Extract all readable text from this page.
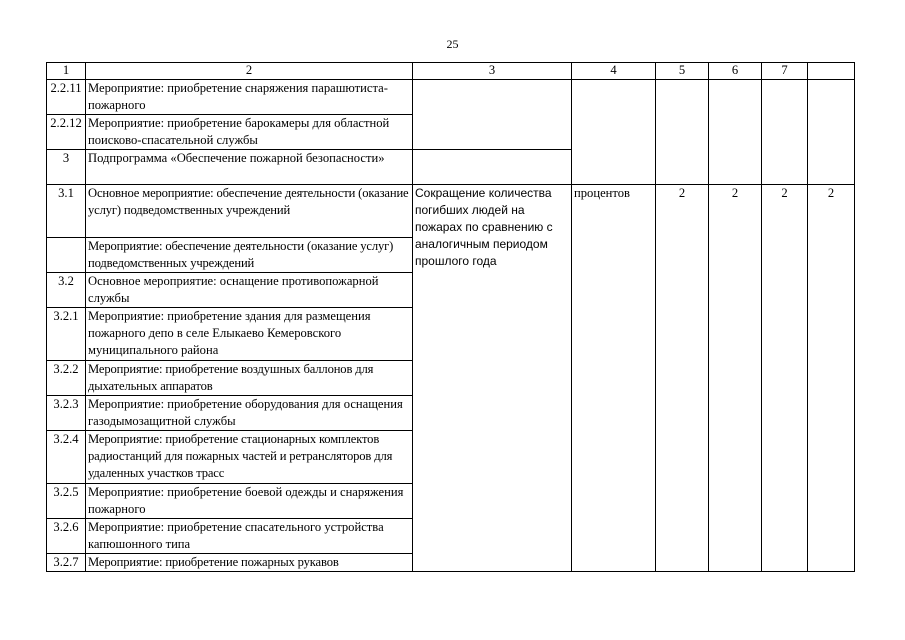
25
1	2	3	4	5	6	7	
2.2.11	Мероприятие: приобретение снаряжения парашютиста-пожарного						
2.2.12	Мероприятие: приобретение барокамеры для областной поисково-спасательной службы						
3	Подпрограмма «Обеспечение пожарной безопасности»						
3.1	Основное мероприятие: обеспечение деятельности (оказание услуг) подведомственных учреждений	Сокращение количества погибших людей на пожарах по сравнению с аналогичным периодом прошлого года	процентов	2	2	2	2
	Мероприятие: обеспечение деятельности (оказание услуг) подведомственных учреждений						
3.2	Основное мероприятие: оснащение противопожарной службы						
3.2.1	Мероприятие: приобретение здания для размещения пожарного депо в селе Елыкаево Кемеровского муниципального района						
3.2.2	Мероприятие: приобретение воздушных баллонов для дыхательных аппаратов						
3.2.3	Мероприятие: приобретение оборудования для оснащения газодымозащитной службы						
3.2.4	Мероприятие: приобретение стационарных комплектов радиостанций для пожарных частей и ретрансляторов для удаленных участков трасс						
3.2.5	Мероприятие: приобретение боевой одежды и снаряжения пожарного						
3.2.6	Мероприятие: приобретение спасательного устройства капюшонного типа						
3.2.7	Мероприятие: приобретение пожарных рукавов						
